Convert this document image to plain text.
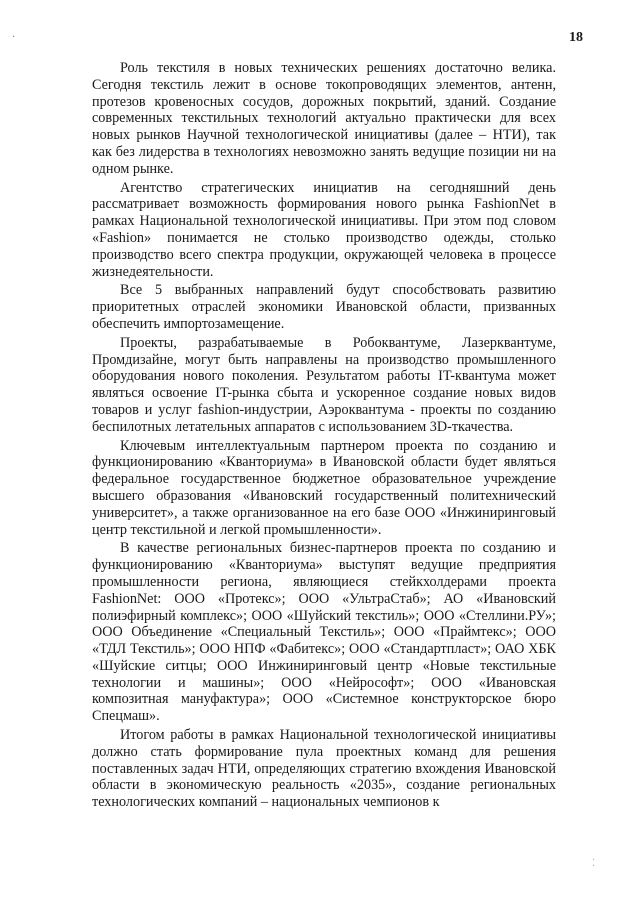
·	18

Роль текстиля в новых технических решениях достаточно велика. Сегодня текстиль лежит в основе токопроводящих элементов, антенн, протезов кровеносных сосудов, дорожных покрытий, зданий. Создание современных текстильных технологий актуально практически для всех новых рынков Научной технологической инициативы (далее – НТИ), так как без лидерства в технологиях невозможно занять ведущие позиции ни на одном рынке.

Агентство стратегических инициатив на сегодняшний день рассматривает возможность формирования нового рынка FashionNet в рамках Национальной технологической инициативы. При этом под словом «Fashion» понимается не столько производство одежды, столько производство всего спектра продукции, окружающей человека в процессе жизнедеятельности.

Все 5 выбранных направлений будут способствовать развитию приоритетных отраслей экономики Ивановской области, призванных обеспечить импортозамещение.

Проекты, разрабатываемые в Робоквантуме, Лазерквантуме, Промдизайне, могут быть направлены на производство промышленного оборудования нового поколения. Результатом работы IT-квантума может являться освоение IT-рынка сбыта и ускоренное создание новых видов товаров и услуг fashion-индустрии, Аэроквантума - проекты по созданию беспилотных летательных аппаратов с использованием 3D-ткачества.

Ключевым интеллектуальным партнером проекта по созданию и функционированию «Кванториума» в Ивановской области будет являться федеральное государственное бюджетное образовательное учреждение высшего образования «Ивановский государственный политехнический университет», а также организованное на его базе ООО «Инжиниринговый центр текстильной и легкой промышленности».

В качестве региональных бизнес-партнеров проекта по созданию и функционированию «Кванториума» выступят ведущие предприятия промышленности региона, являющиеся стейкхолдерами проекта FashionNet: ООО «Протекс»; ООО «УльтраСтаб»; АО «Ивановский полиэфирный комплекс»; ООО «Шуйский текстиль»; ООО «Стеллини.РУ»; ООО Объединение «Специальный Текстиль»; ООО «Праймтекс»; ООО «ТДЛ Текстиль»; ООО НПФ «Фабитекс»; ООО «Стандартпласт»; ОАО ХБК «Шуйские ситцы; ООО Инжиниринговый центр «Новые текстильные технологии и машины»; ООО «Нейрософт»; ООО «Ивановская композитная мануфактура»; ООО «Системное конструкторское бюро Спецмаш».

Итогом работы в рамках Национальной технологической инициативы должно стать формирование пула проектных команд для решения поставленных задач НТИ, определяющих стратегию вхождения Ивановской области в экономическую реальность «2035», создание региональных технологических компаний – национальных чемпионов к

⁚
